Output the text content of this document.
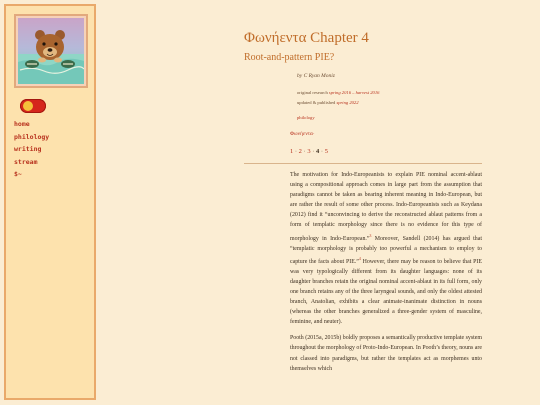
home
philology
writing
stream
$~
Φωνήεντα Chapter 4
Root-and-pattern PIE?
by C Ryan Moniz
original research spring 2016 – harvest 2016
updated & published spring 2022
philology
Φωνήεντα·
1 · 2 · 3 · 4 · 5

The motivation for Indo-Europeanists to explain PIE nominal accent-ablaut using a compositional approach comes in large part from the assumption that paradigms cannot be taken as bearing inherent meaning in Indo-European, but are rather the result of some other process. Indo-Europeanists such as Keydana (2012) find it “unconvincing to derive the reconstructed ablaut patterns from a form of templatic morphology since there is no evidence for this type of morphology in Indo-European.”$^3$ Moreover, Sandell (2014) has argued that “templatic morphology is probably too powerful a mechanism to employ to capture the facts about PIE.”$^4$ However, there may be reason to believe that PIE was very typologically different from its daughter languages: none of its daughter branches retain the original nominal accent-ablaut in its full form, only one branch retains any of the three laryngeal sounds, and only the oldest attested branch, Anatolian, exhibits a clear animate-inanimate distinction in nouns (whereas the other branches generalized a three-gender system of masculine, feminine, and neuter).

Pooth (2015a, 2015b) boldly proposes a semantically productive template system throughout the morphology of Proto-Indo-European. In Pooth’s theory, nouns are not classed into paradigms, but rather the templates act as morphemes unto themselves which
